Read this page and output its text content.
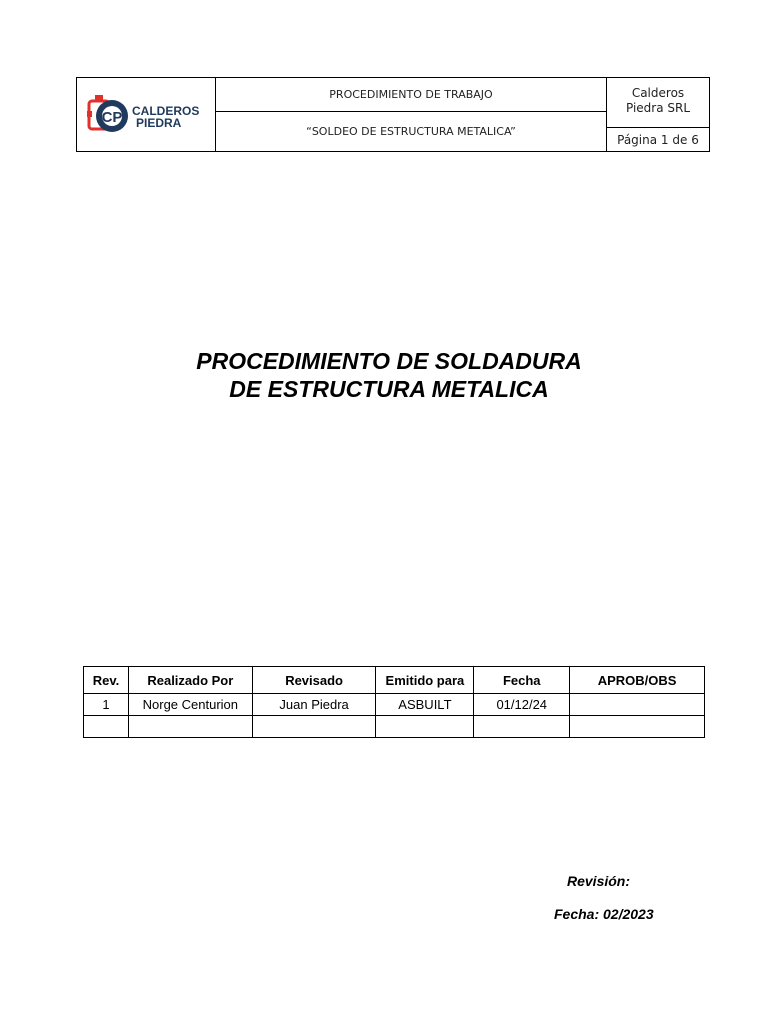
CP CALDEROS
PIEDRA
PROCEDIMIENTO DE TRABAJO
“SOLDEO DE ESTRUCTURA METALICA”
Calderos
Piedra SRL
Página
1
de
6
PROCEDIMIENTO DE SOLDADURA
DE ESTRUCTURA METALICA
Rev.	Realizado Por	Revisado	Emitido para	Fecha	APROB/OBS
1	Norge Centurion	Juan Piedra	ASBUILT	01/12/24	

Revisión:
Fecha: 02/2023
